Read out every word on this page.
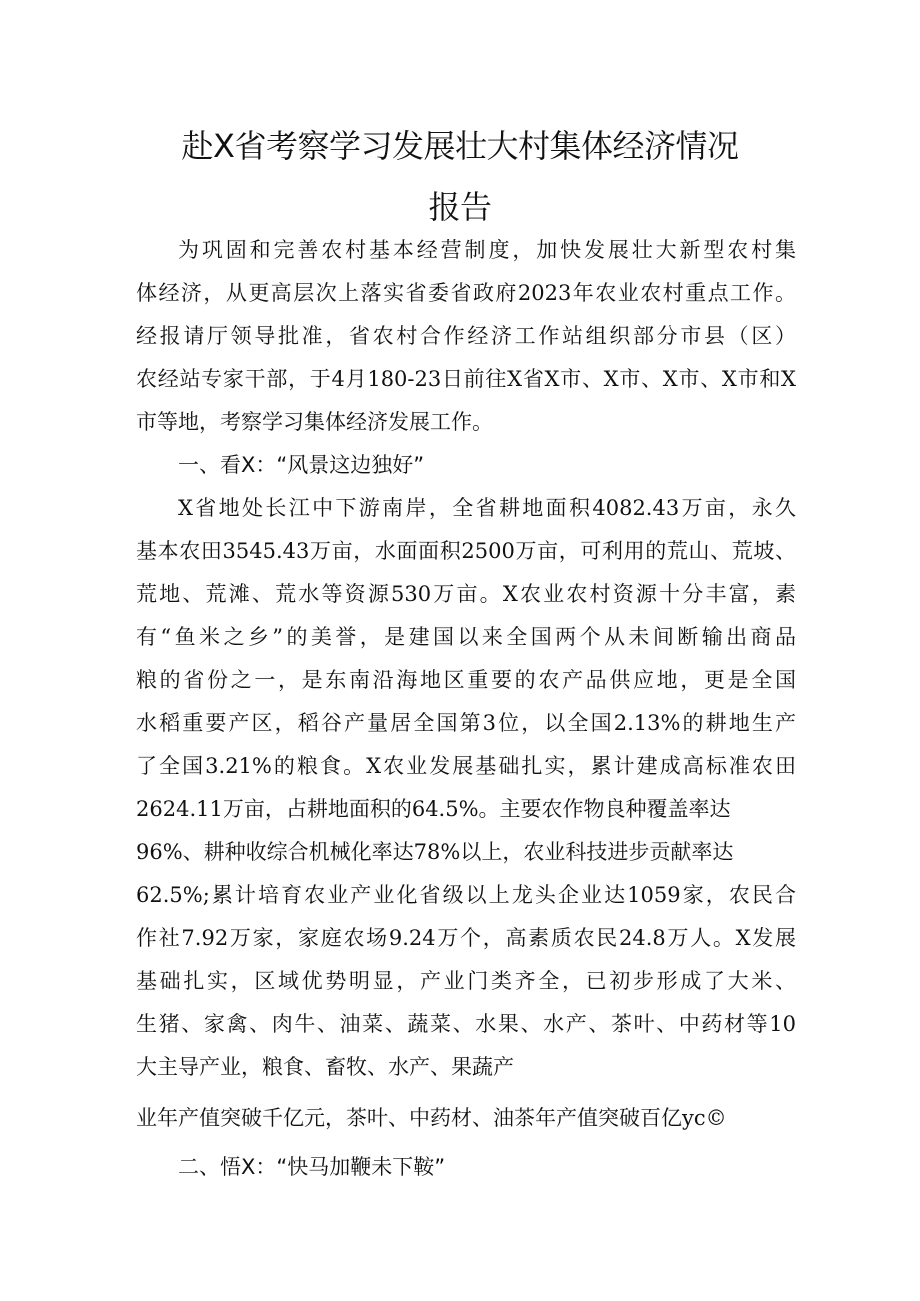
赴X省考察学习发展壮大村集体经济情况
报告
为巩固和完善农村基本经营制度，加快发展壮大新型农村集
体经济，从更高层次上落实省委省政府2023年农业农村重点工作。
经报请厅领导批准，省农村合作经济工作站组织部分市县（区）
农经站专家干部，于4月180-23日前往X省X市、X市、X市、X市和X
市等地，考察学习集体经济发展工作。
一、看X：“风景这边独好”
X省地处长江中下游南岸，全省耕地面积4082.43万亩，永久
基本农田3545.43万亩，水面面积2500万亩，可利用的荒山、荒坡、
荒地、荒滩、荒水等资源530万亩。X农业农村资源十分丰富，素
有“鱼米之乡”的美誉，是建国以来全国两个从未间断输出商品
粮的省份之一，是东南沿海地区重要的农产品供应地，更是全国
水稻重要产区，稻谷产量居全国第3位，以全国2.13%的耕地生产
了全国3.21%的粮食。X农业发展基础扎实，累计建成高标准农田
2624.11万亩，占耕地面积的64.5%。主要农作物良种覆盖率达
96%、耕种收综合机械化率达78%以上，农业科技进步贡献率达
62.5%;累计培育农业产业化省级以上龙头企业达1059家，农民合
作社7.92万家，家庭农场9.24万个，高素质农民24.8万人。X发展
基础扎实，区域优势明显，产业门类齐全，已初步形成了大米、
生猪、家禽、肉牛、油菜、蔬菜、水果、水产、茶叶、中药材等10
大主导产业，粮食、畜牧、水产、果蔬产
业年产值突破千亿元，茶叶、中药材、油茶年产值突破百亿yc©
二、悟X：“快马加鞭未下鞍”
